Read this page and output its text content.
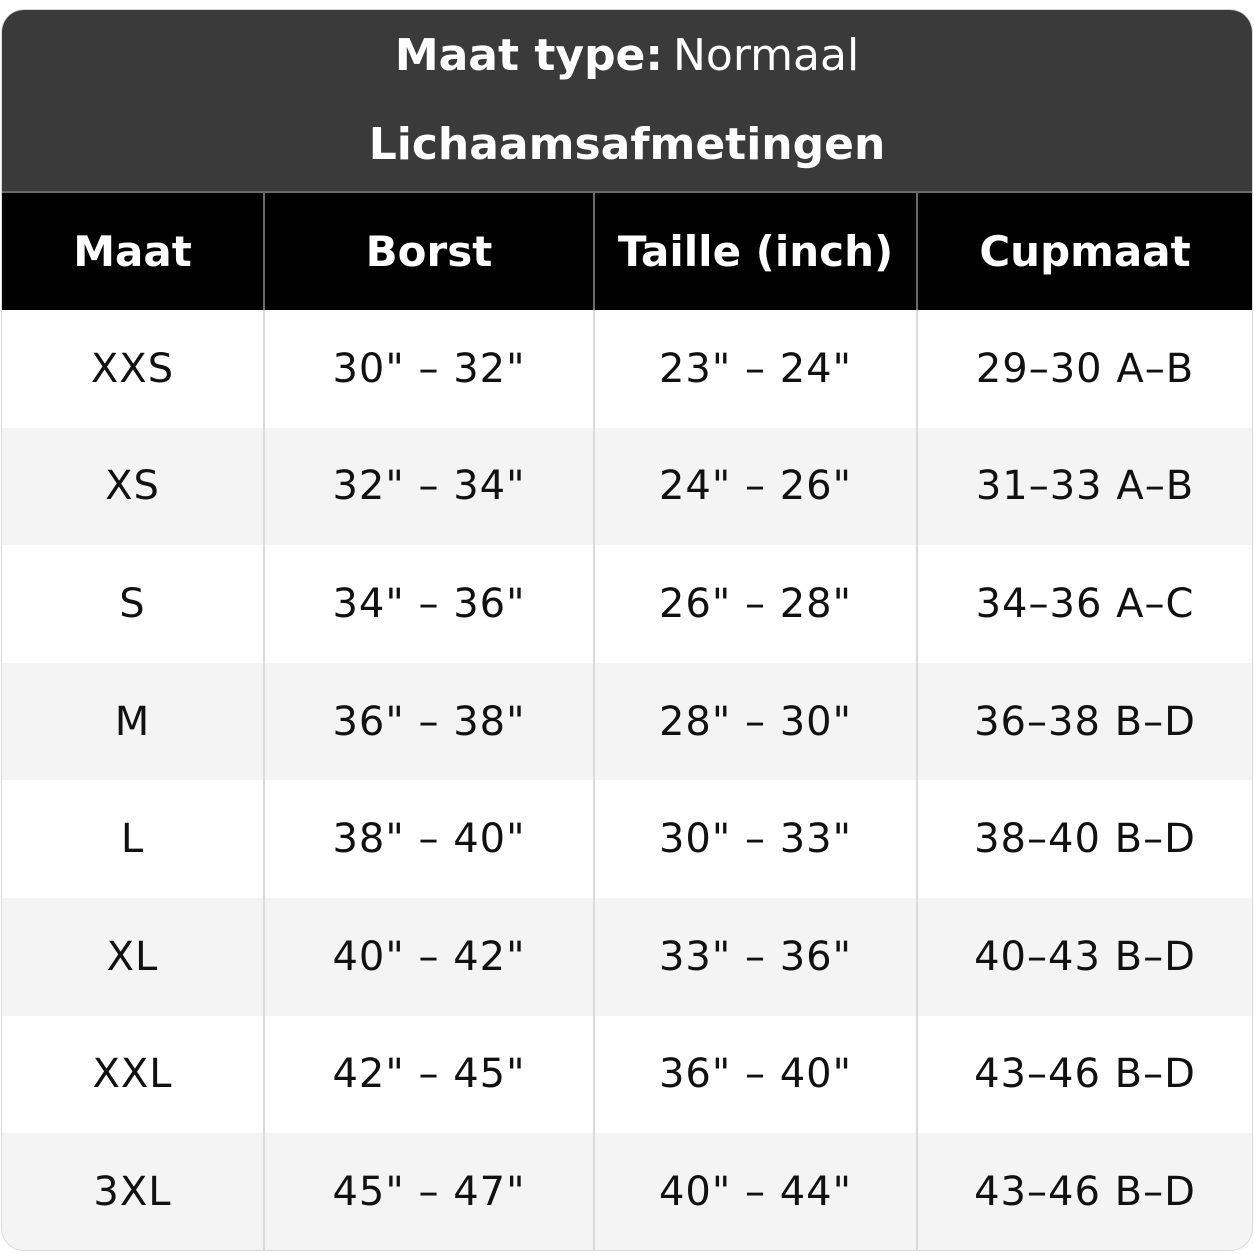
Maat type: Normaal
Lichaamsafmetingen
Maat	Borst	Taille (inch)	Cupmaat
XXS	30" – 32"	23" – 24"	29–30 A–B
XS	32" – 34"	24" – 26"	31–33 A–B
S	34" – 36"	26" – 28"	34–36 A–C
M	36" – 38"	28" – 30"	36–38 B–D
L	38" – 40"	30" – 33"	38–40 B–D
XL	40" – 42"	33" – 36"	40–43 B–D
XXL	42" – 45"	36" – 40"	43–46 B–D
3XL	45" – 47"	40" – 44"	43–46 B–D
